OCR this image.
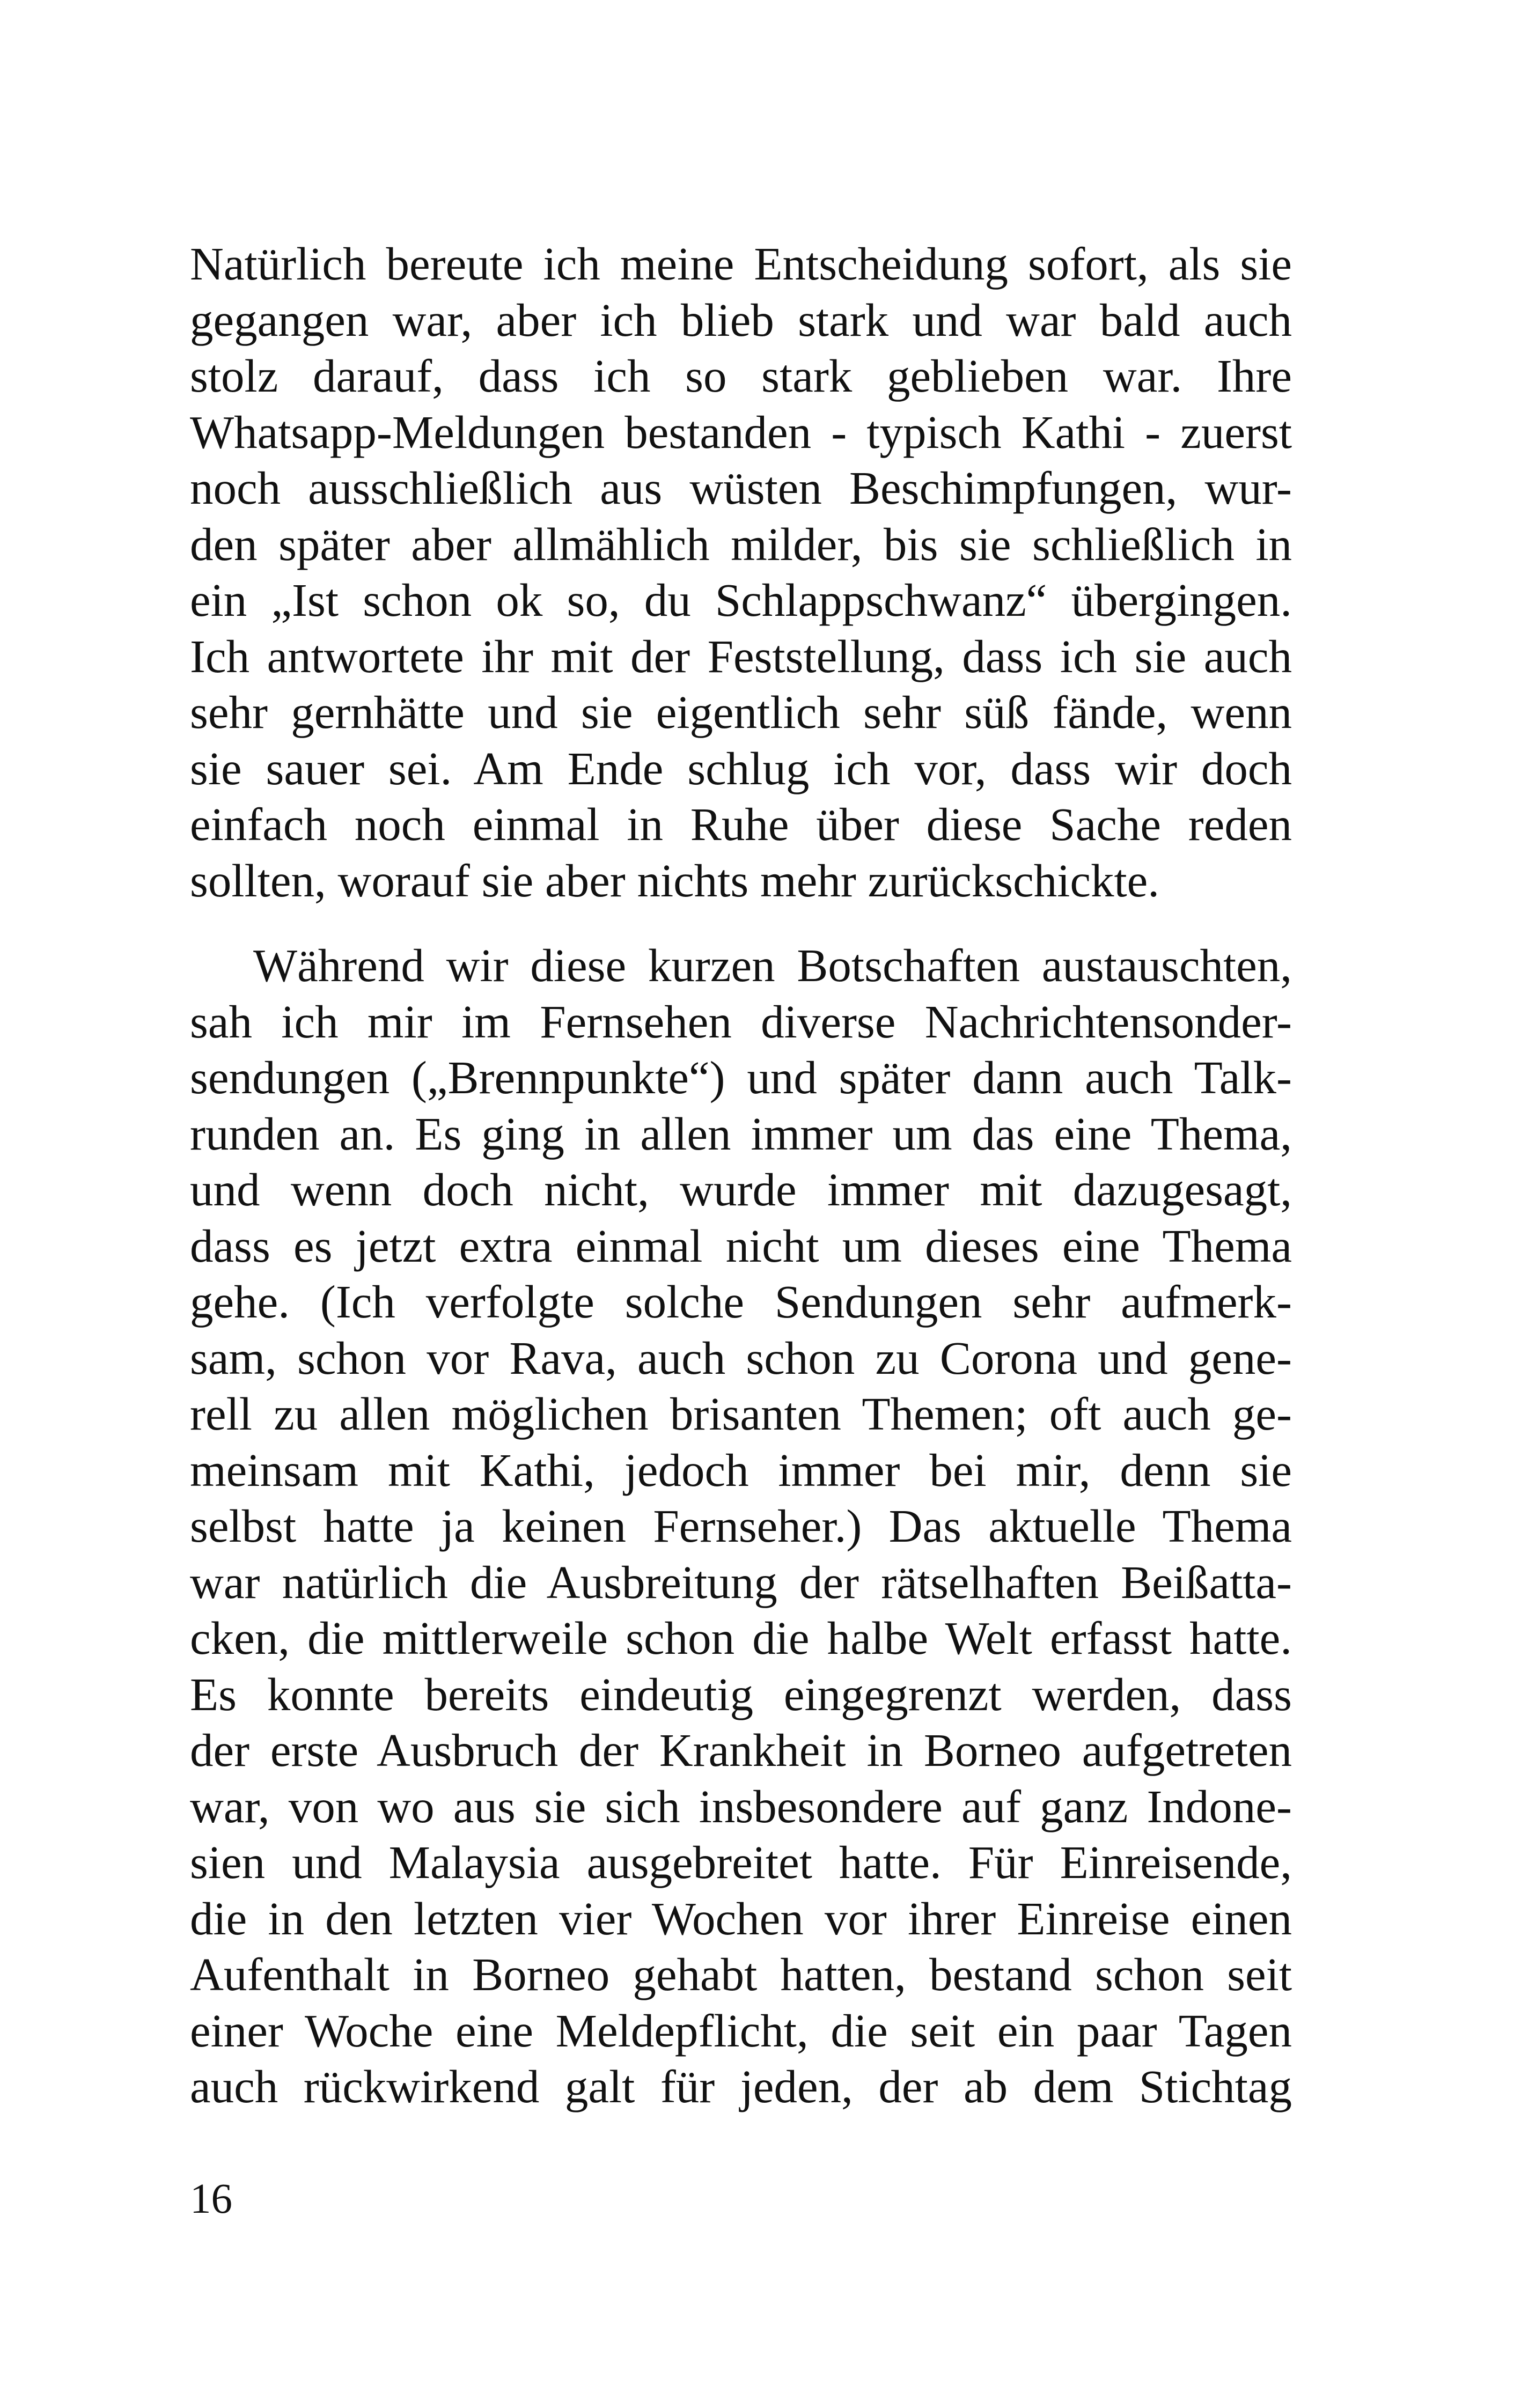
Natürlich bereute ich meine Entscheidung sofort, als sie
gegangen war, aber ich blieb stark und war bald auch
stolz darauf, dass ich so stark geblieben war. Ihre
Whatsapp-Meldungen bestanden - typisch Kathi - zuerst
noch ausschließlich aus wüsten Beschimpfungen, wur-
den später aber allmählich milder, bis sie schließlich in
ein „Ist schon ok so, du Schlappschwanz“ übergingen.
Ich antwortete ihr mit der Feststellung, dass ich sie auch
sehr gernhätte und sie eigentlich sehr süß fände, wenn
sie sauer sei. Am Ende schlug ich vor, dass wir doch
einfach noch einmal in Ruhe über diese Sache reden
sollten, worauf sie aber nichts mehr zurückschickte.
Während wir diese kurzen Botschaften austauschten,
sah ich mir im Fernsehen diverse Nachrichtensonder-
sendungen („Brennpunkte“) und später dann auch Talk-
runden an. Es ging in allen immer um das eine Thema,
und wenn doch nicht, wurde immer mit dazugesagt,
dass es jetzt extra einmal nicht um dieses eine Thema
gehe. (Ich verfolgte solche Sendungen sehr aufmerk-
sam, schon vor Rava, auch schon zu Corona und gene-
rell zu allen möglichen brisanten Themen; oft auch ge-
meinsam mit Kathi, jedoch immer bei mir, denn sie
selbst hatte ja keinen Fernseher.) Das aktuelle Thema
war natürlich die Ausbreitung der rätselhaften Beißatta-
cken, die mittlerweile schon die halbe Welt erfasst hatte.
Es konnte bereits eindeutig eingegrenzt werden, dass
der erste Ausbruch der Krankheit in Borneo aufgetreten
war, von wo aus sie sich insbesondere auf ganz Indone-
sien und Malaysia ausgebreitet hatte. Für Einreisende,
die in den letzten vier Wochen vor ihrer Einreise einen
Aufenthalt in Borneo gehabt hatten, bestand schon seit
einer Woche eine Meldepflicht, die seit ein paar Tagen
auch rückwirkend galt für jeden, der ab dem Stichtag
16
